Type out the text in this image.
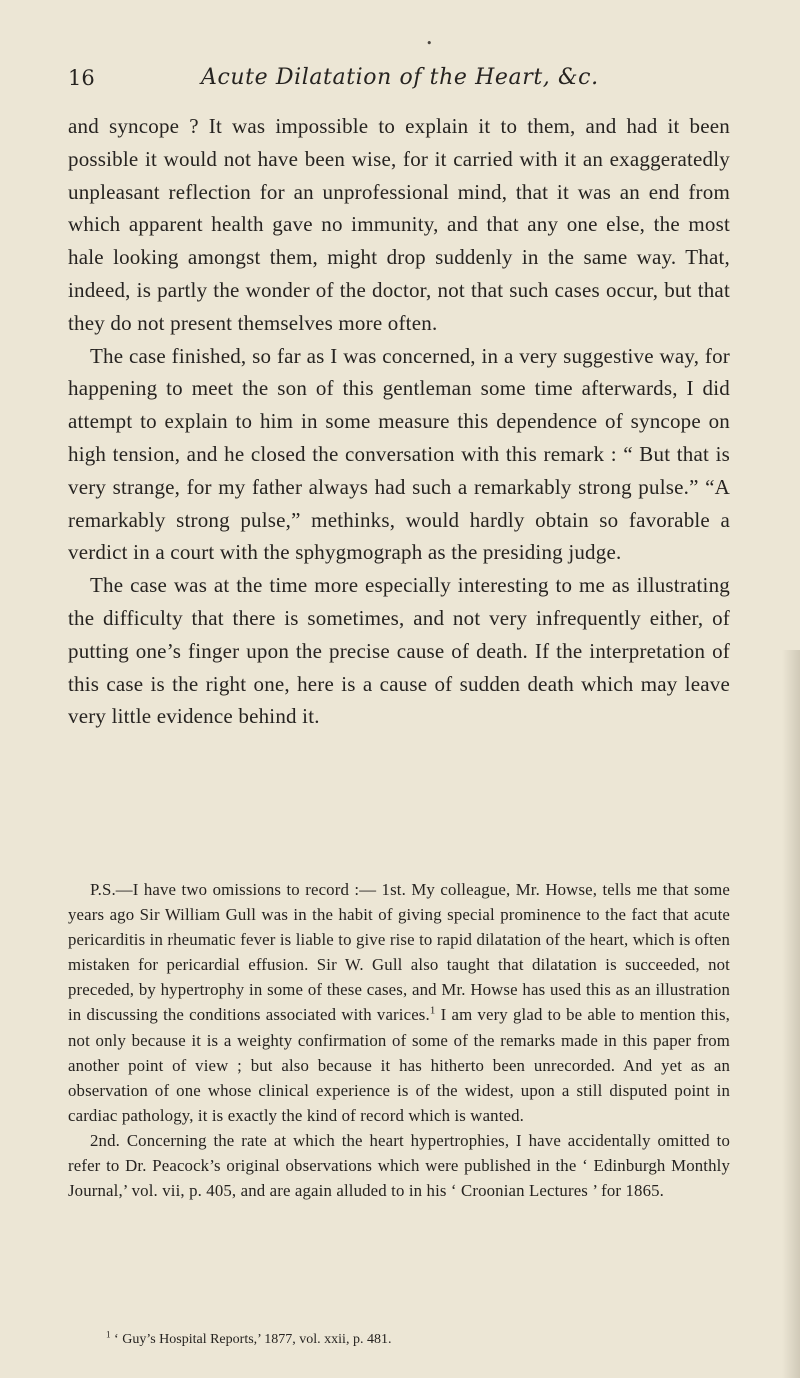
•
16	Acute Dilatation of the Heart, &c.

and syncope ? It was impossible to explain it to them, and had it been possible it would not have been wise, for it carried with it an exaggeratedly unpleasant reflection for an unprofessional mind, that it was an end from which apparent health gave no immunity, and that any one else, the most hale looking amongst them, might drop suddenly in the same way. That, indeed, is partly the wonder of the doctor, not that such cases occur, but that they do not present themselves more often.

The case finished, so far as I was concerned, in a very suggestive way, for happening to meet the son of this gentleman some time afterwards, I did attempt to explain to him in some measure this dependence of syncope on high tension, and he closed the conversation with this remark : “ But that is very strange, for my father always had such a remarkably strong pulse.” “A remarkably strong pulse,” methinks, would hardly obtain so favorable a verdict in a court with the sphygmograph as the presiding judge.

The case was at the time more especially interesting to me as illustrating the difficulty that there is sometimes, and not very infrequently either, of putting one’s finger upon the precise cause of death. If the interpretation of this case is the right one, here is a cause of sudden death which may leave very little evidence behind it.

P.S.—I have two omissions to record :— 1st. My colleague, Mr. Howse, tells me that some years ago Sir William Gull was in the habit of giving special prominence to the fact that acute pericarditis in rheumatic fever is liable to give rise to rapid dilatation of the heart, which is often mistaken for pericardial effusion. Sir W. Gull also taught that dilatation is succeeded, not preceded, by hypertrophy in some of these cases, and Mr. Howse has used this as an illustration in discussing the conditions associated with varices.$^1$ I am very glad to be able to mention this, not only because it is a weighty confirmation of some of the remarks made in this paper from another point of view ; but also because it has hitherto been unrecorded. And yet as an observation of one whose clinical experience is of the widest, upon a still disputed point in cardiac pathology, it is exactly the kind of record which is wanted.

2nd. Concerning the rate at which the heart hypertrophies, I have accidentally omitted to refer to Dr. Peacock’s original observations which were published in the ‘ Edinburgh Monthly Journal,’ vol. vii, p. 405, and are again alluded to in his ‘ Croonian Lectures ’ for 1865.

$^1$ ‘ Guy’s Hospital Reports,’ 1877, vol. xxii, p. 481.
